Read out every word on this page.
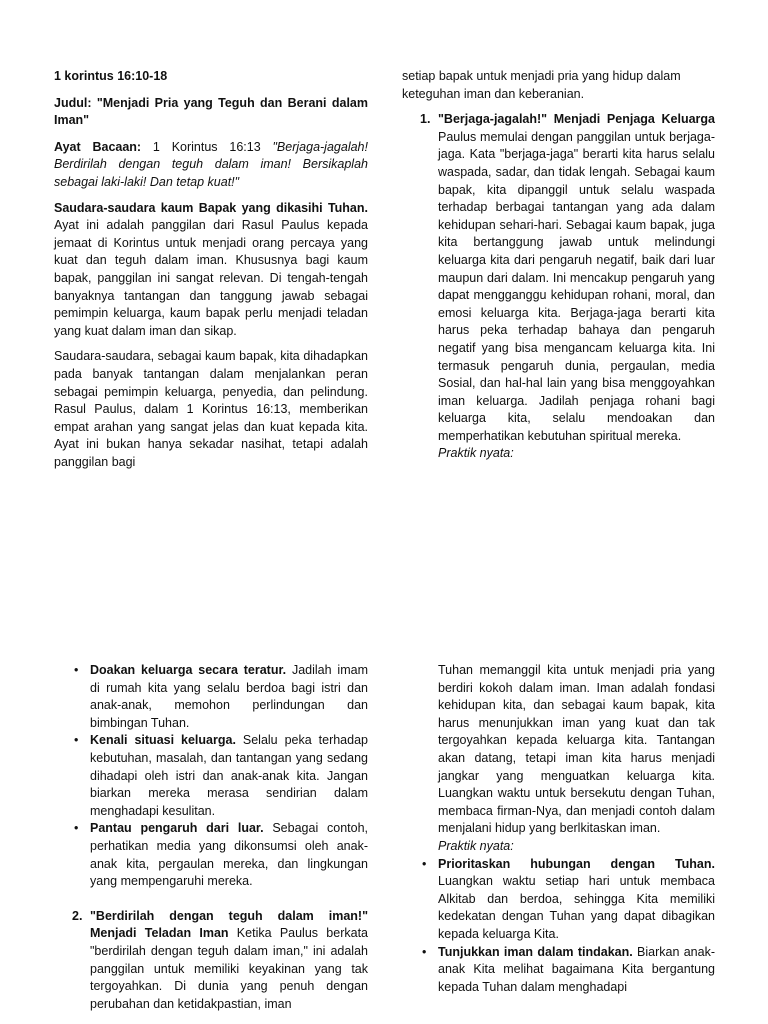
1 korintus 16:10-18

Judul: "Menjadi Pria yang Teguh dan Berani dalam Iman"

Ayat Bacaan: 1 Korintus 16:13 "Berjaga-jagalah! Berdirilah dengan teguh dalam iman! Bersikaplah sebagai laki-laki! Dan tetap kuat!"

Saudara-saudara kaum Bapak yang dikasihi Tuhan. Ayat ini adalah panggilan dari Rasul Paulus kepada jemaat di Korintus untuk menjadi orang percaya yang kuat dan teguh dalam iman. Khususnya bagi kaum bapak, panggilan ini sangat relevan. Di tengah-tengah banyaknya tantangan dan tanggung jawab sebagai pemimpin keluarga, kaum bapak perlu menjadi teladan yang kuat dalam iman dan sikap.

Saudara-saudara, sebagai kaum bapak, kita dihadapkan pada banyak tantangan dalam menjalankan peran sebagai pemimpin keluarga, penyedia, dan pelindung. Rasul Paulus, dalam 1 Korintus 16:13, memberikan empat arahan yang sangat jelas dan kuat kepada kita. Ayat ini bukan hanya sekadar nasihat, tetapi adalah panggilan bagi

setiap bapak untuk menjadi pria yang hidup dalam keteguhan iman dan keberanian.

1. "Berjaga-jagalah!" Menjadi Penjaga Keluarga Paulus memulai dengan panggilan untuk berjaga-jaga. Kata "berjaga-jaga" berarti kita harus selalu waspada, sadar, dan tidak lengah. Sebagai kaum bapak, kita dipanggil untuk selalu waspada terhadap berbagai tantangan yang ada dalam kehidupan sehari-hari. Sebagai kaum bapak, juga kita bertanggung jawab untuk melindungi keluarga kita dari pengaruh negatif, baik dari luar maupun dari dalam. Ini mencakup pengaruh yang dapat mengganggu kehidupan rohani, moral, dan emosi keluarga kita. Berjaga-jaga berarti kita harus peka terhadap bahaya dan pengaruh negatif yang bisa mengancam keluarga kita. Ini termasuk pengaruh dunia, pergaulan, media Sosial, dan hal-hal lain yang bisa menggoyahkan iman keluarga. Jadilah penjaga rohani bagi keluarga kita, selalu mendoakan dan memperhatikan kebutuhan spiritual mereka.

Praktik nyata:

• Doakan keluarga secara teratur. Jadilah imam di rumah kita yang selalu berdoa bagi istri dan anak-anak, memohon perlindungan dan bimbingan Tuhan.
• Kenali situasi keluarga. Selalu peka terhadap kebutuhan, masalah, dan tantangan yang sedang dihadapi oleh istri dan anak-anak kita. Jangan biarkan mereka merasa sendirian dalam menghadapi kesulitan.
• Pantau pengaruh dari luar. Sebagai contoh, perhatikan media yang dikonsumsi oleh anak-anak kita, pergaulan mereka, dan lingkungan yang mempengaruhi mereka.
2. "Berdirilah dengan teguh dalam iman!" Menjadi Teladan Iman Ketika Paulus berkata "berdirilah dengan teguh dalam iman," ini adalah panggilan untuk memiliki keyakinan yang tak tergoyahkan. Di dunia yang penuh dengan perubahan dan ketidakpastian, iman

Tuhan memanggil kita untuk menjadi pria yang berdiri kokoh dalam iman. Iman adalah fondasi kehidupan kita, dan sebagai kaum bapak, kita harus menunjukkan iman yang kuat dan tak tergoyahkan kepada keluarga kita. Tantangan akan datang, tetapi iman kita harus menjadi jangkar yang menguatkan keluarga kita. Luangkan waktu untuk bersekutu dengan Tuhan, membaca firman-Nya, dan menjadi contoh dalam menjalani hidup yang berlkitaskan iman.

Praktik nyata:

• Prioritaskan hubungan dengan Tuhan. Luangkan waktu setiap hari untuk membaca Alkitab dan berdoa, sehingga Kita memiliki kedekatan dengan Tuhan yang dapat dibagikan kepada keluarga Kita.
• Tunjukkan iman dalam tindakan. Biarkan anak-anak Kita melihat bagaimana Kita bergantung kepada Tuhan dalam menghadapi
